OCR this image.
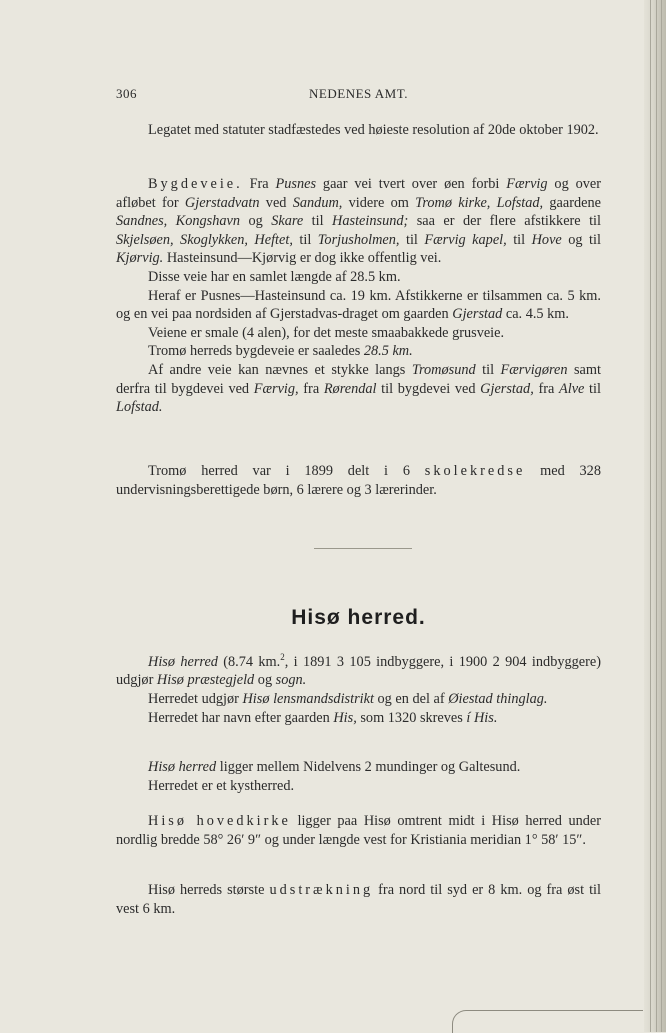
306	NEDENES AMT.

Legatet med statuter stadfæstedes ved høieste resolution af 20de oktober 1902.

Bygdeveie. Fra Pusnes gaar vei tvert over øen forbi Færvig og over afløbet for Gjerstadvatn ved Sandum, videre om Tromø kirke, Lofstad, gaardene Sandnes, Kongshavn og Skare til Hasteinsund; saa er der flere afstikkere til Skjelsøen, Skoglykken, Heftet, til Torjusholmen, til Færvig kapel, til Hove og til Kjørvig. Hasteinsund—Kjørvig er dog ikke offentlig vei.

Disse veie har en samlet længde af 28.5 km.

Heraf er Pusnes—Hasteinsund ca. 19 km. Afstikkerne er tilsammen ca. 5 km. og en vei paa nordsiden af Gjerstadvas-draget om gaarden Gjerstad ca. 4.5 km.

Veiene er smale (4 alen), for det meste smaabakkede grusveie.

Tromø herreds bygdeveie er saaledes 28.5 km.

Af andre veie kan nævnes et stykke langs Tromøsund til Færvigøren samt derfra til bygdevei ved Færvig, fra Rørendal til bygdevei ved Gjerstad, fra Alve til Lofstad.

Tromø herred var i 1899 delt i 6 skolekredse med 328 undervisningsberettigede børn, 6 lærere og 3 lærerinder.

Hisø herred.

Hisø herred (8.74 km.$^2$, i 1891 3 105 indbyggere, i 1900 2 904 indbyggere) udgjør Hisø præstegjeld og sogn.

Herredet udgjør Hisø lensmandsdistrikt og en del af Øiestad thinglag.

Herredet har navn efter gaarden His, som 1320 skreves í His.

Hisø herred ligger mellem Nidelvens 2 mundinger og Galtesund.

Herredet er et kystherred.

Hisø hovedkirke ligger paa Hisø omtrent midt i Hisø herred under nordlig bredde 58° 26′ 9″ og under længde vest for Kristiania meridian 1° 58′ 15″.

Hisø herreds største udstrækning fra nord til syd er 8 km. og fra øst til vest 6 km.
